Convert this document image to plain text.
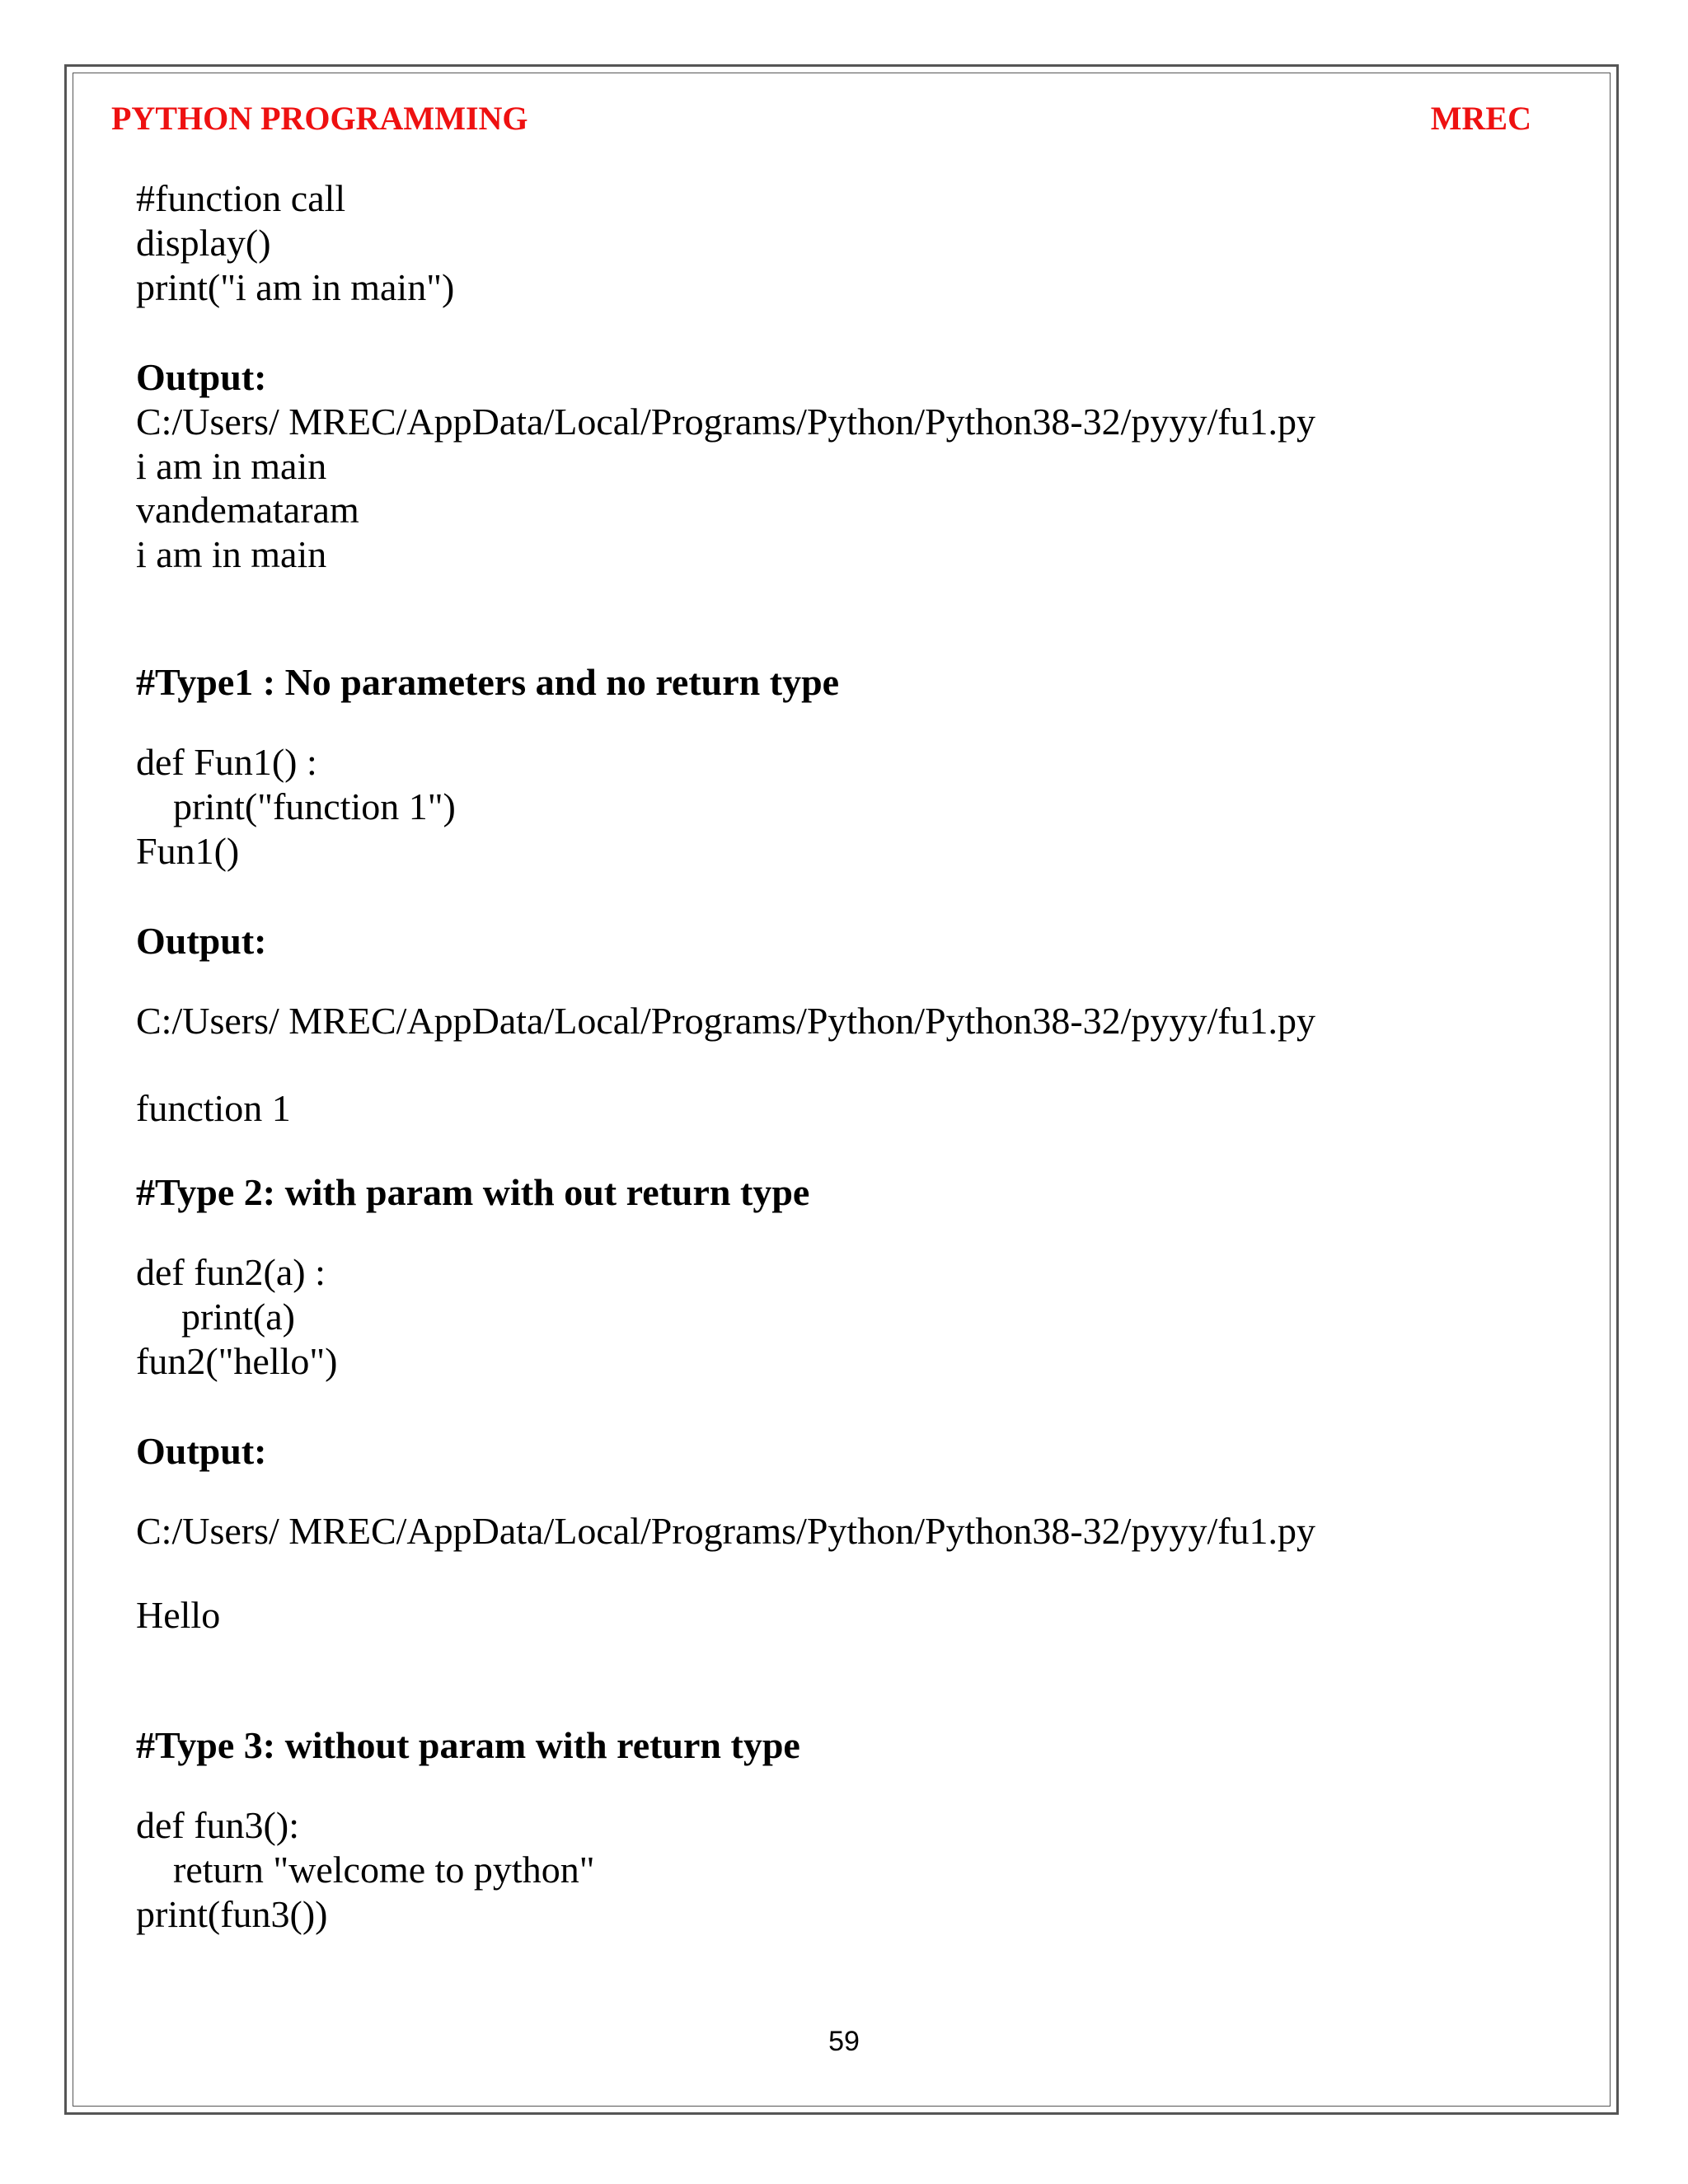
PYTHON PROGRAMMING	MREC

#function call

display()

print("i am in main")

Output:

C:/Users/ MREC/AppData/Local/Programs/Python/Python38-32/pyyy/fu1.py

i am in main

vandemataram

i am in main

#Type1 : No parameters and no return type

def Fun1() :

print("function 1")

Fun1()

Output:

C:/Users/ MREC/AppData/Local/Programs/Python/Python38-32/pyyy/fu1.py

function 1

#Type 2: with param with out return type

def fun2(a) :

print(a)

fun2("hello")

Output:

C:/Users/ MREC/AppData/Local/Programs/Python/Python38-32/pyyy/fu1.py

Hello

#Type 3: without param with return type

def fun3():

return "welcome to python"

print(fun3())

59
